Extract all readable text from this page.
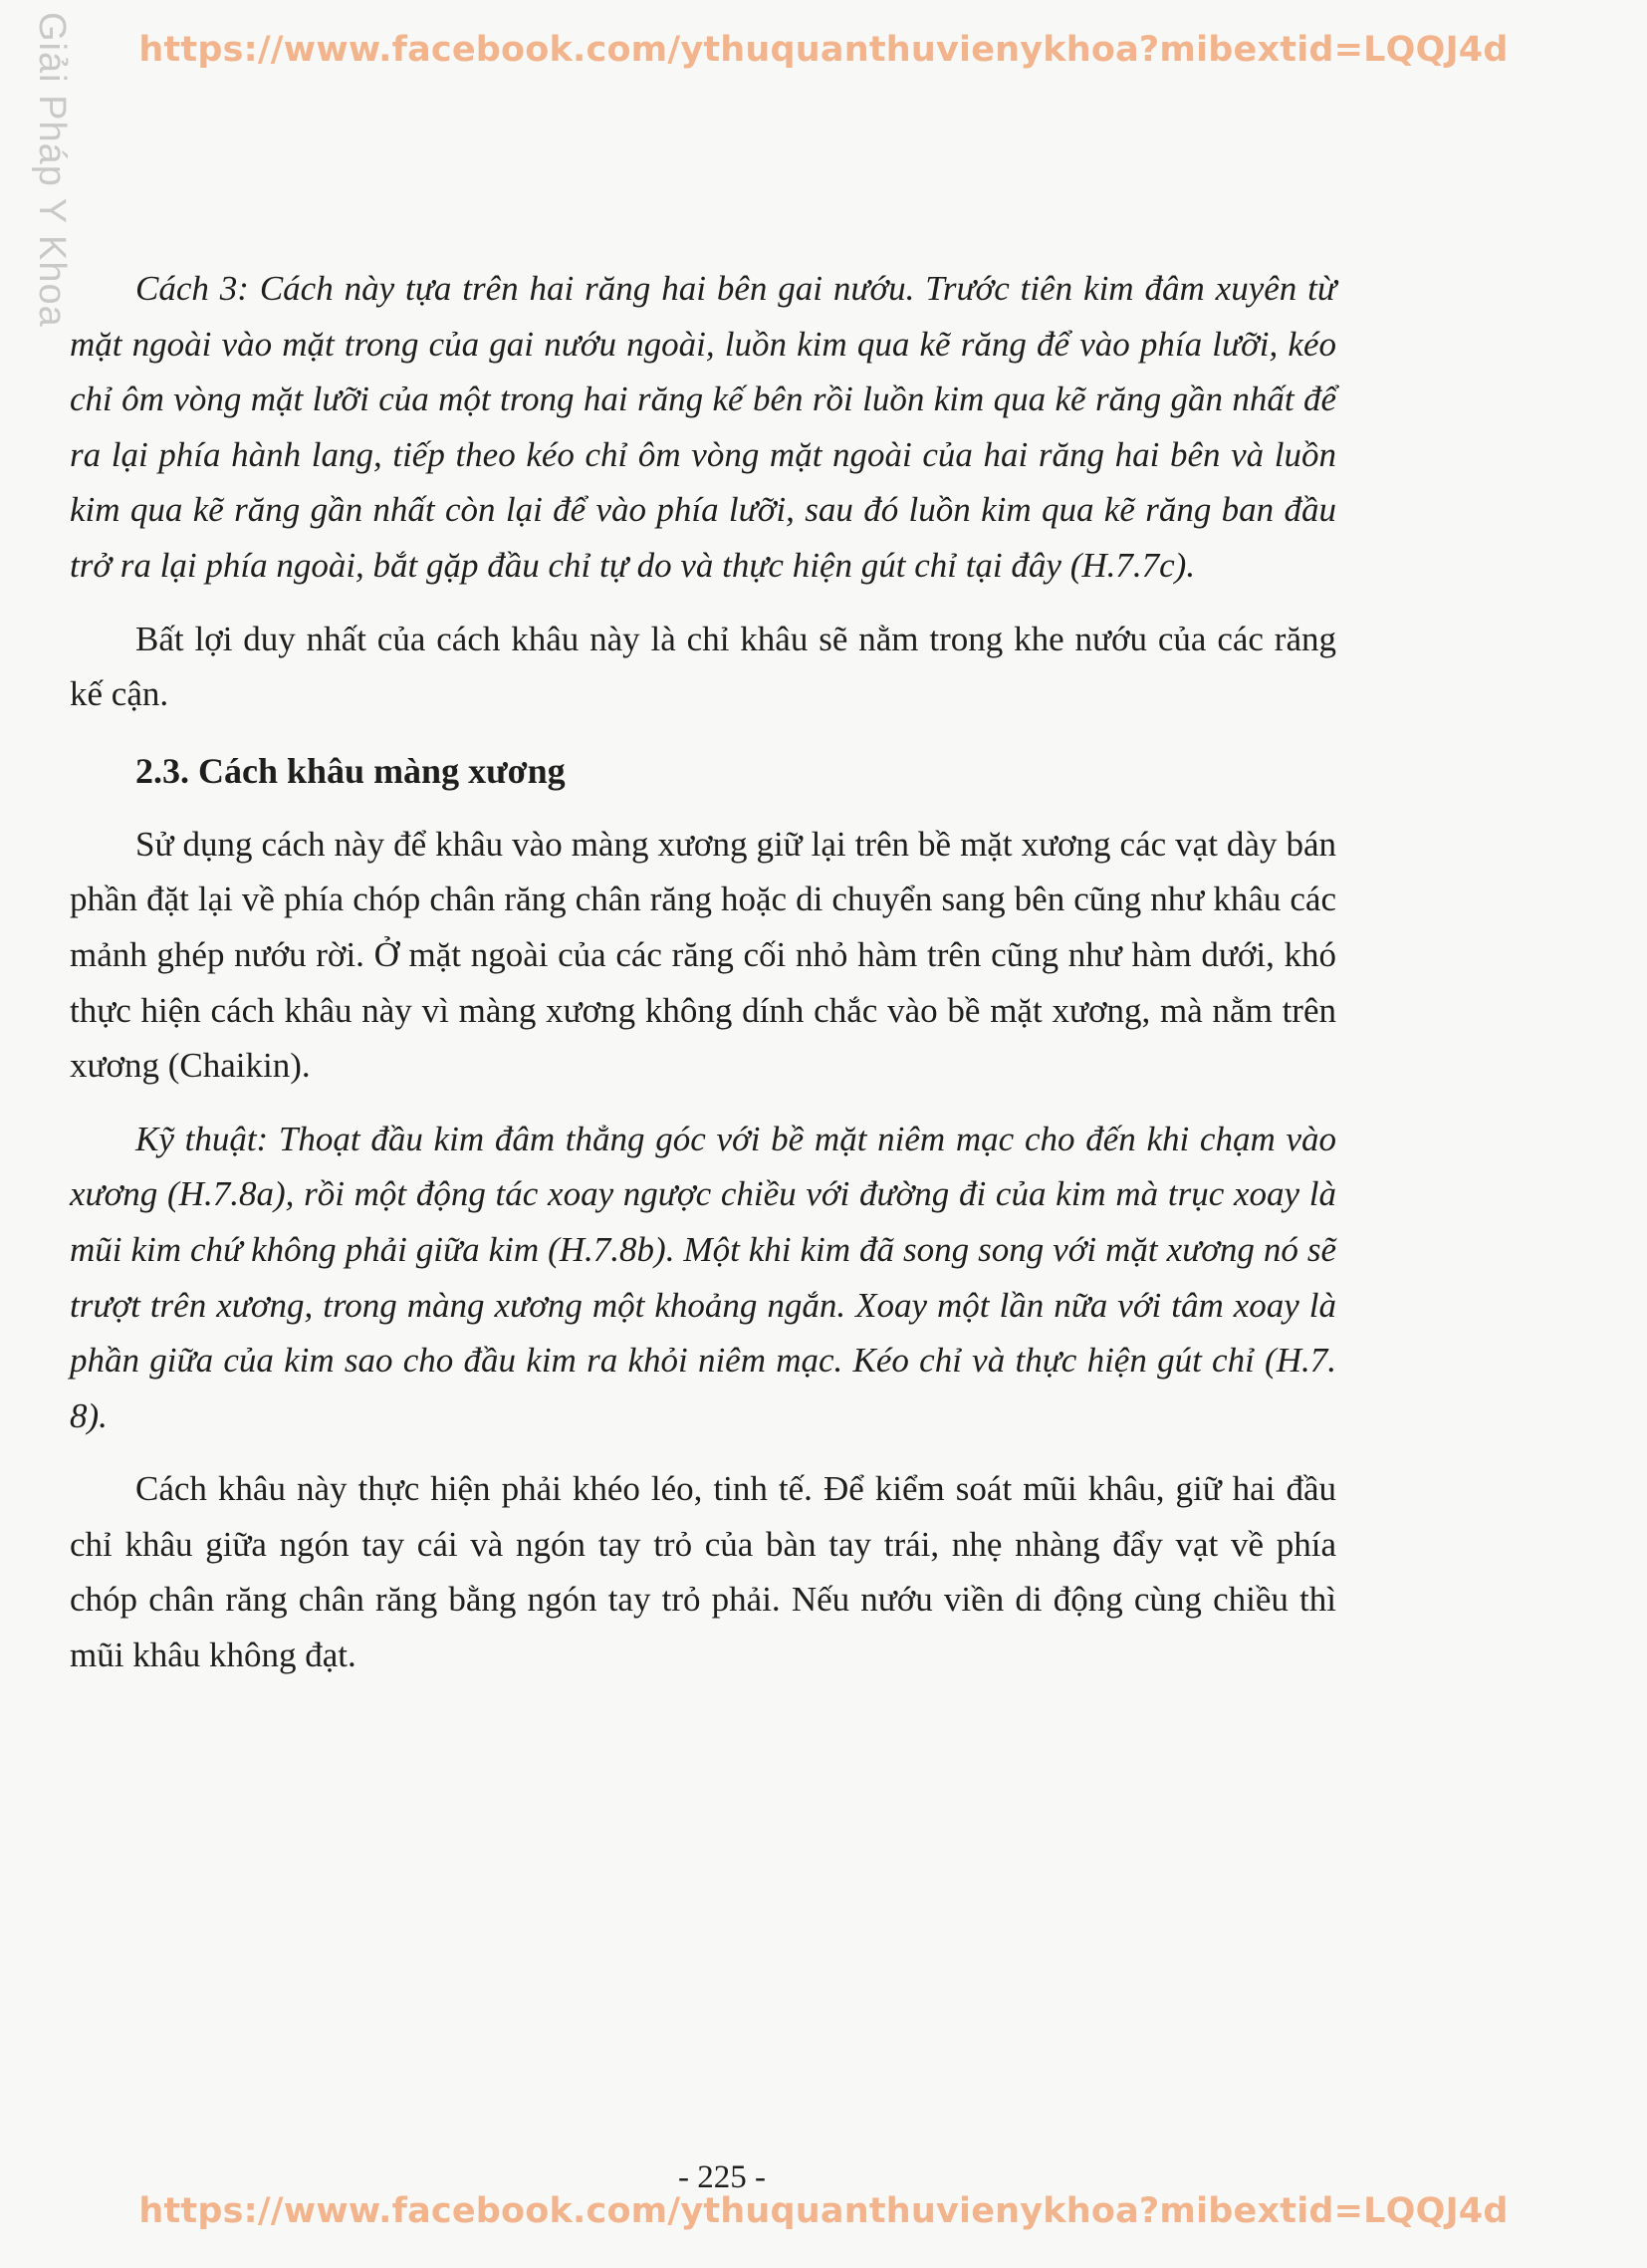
https://www.facebook.com/ythuquanthuvienykhoa?mibextid=LQQJ4d
Giải Pháp Y Khoa	Cách 3: Cách này tựa trên hai răng hai bên gai nướu. Trước tiên kim đâm xuyên từ mặt ngoài vào mặt trong của gai nướu ngoài, luồn kim qua kẽ răng để vào phía lưỡi, kéo chỉ ôm vòng mặt lưỡi của một trong hai răng kế bên rồi luồn kim qua kẽ răng gần nhất để ra lại phía hành lang, tiếp theo kéo chỉ ôm vòng mặt ngoài của hai răng hai bên và luồn kim qua kẽ răng gần nhất còn lại để vào phía lưỡi, sau đó luồn kim qua kẽ răng ban đầu trở ra lại phía ngoài, bắt gặp đầu chỉ tự do và thực hiện gút chỉ tại đây (H.7.7c).

Bất lợi duy nhất của cách khâu này là chỉ khâu sẽ nằm trong khe nướu của các răng kế cận.

2.3. Cách khâu màng xương

Sử dụng cách này để khâu vào màng xương giữ lại trên bề mặt xương các vạt dày bán phần đặt lại về phía chóp chân răng chân răng hoặc di chuyển sang bên cũng như khâu các mảnh ghép nướu rời. Ở mặt ngoài của các răng cối nhỏ hàm trên cũng như hàm dưới, khó thực hiện cách khâu này vì màng xương không dính chắc vào bề mặt xương, mà nằm trên xương (Chaikin).

Kỹ thuật: Thoạt đầu kim đâm thẳng góc với bề mặt niêm mạc cho đến khi chạm vào xương (H.7.8a), rồi một động tác xoay ngược chiều với đường đi của kim mà trục xoay là mũi kim chứ không phải giữa kim (H.7.8b). Một khi kim đã song song với mặt xương nó sẽ trượt trên xương, trong màng xương một khoảng ngắn. Xoay một lần nữa với tâm xoay là phần giữa của kim sao cho đầu kim ra khỏi niêm mạc. Kéo chỉ và thực hiện gút chỉ (H.7. 8).

Cách khâu này thực hiện phải khéo léo, tinh tế. Để kiểm soát mũi khâu, giữ hai đầu chỉ khâu giữa ngón tay cái và ngón tay trỏ của bàn tay trái, nhẹ nhàng đẩy vạt về phía chóp chân răng chân răng bằng ngón tay trỏ phải. Nếu nướu viền di động cùng chiều thì mũi khâu không đạt.

- 225 -
https://www.facebook.com/ythuquanthuvienykhoa?mibextid=LQQJ4d
